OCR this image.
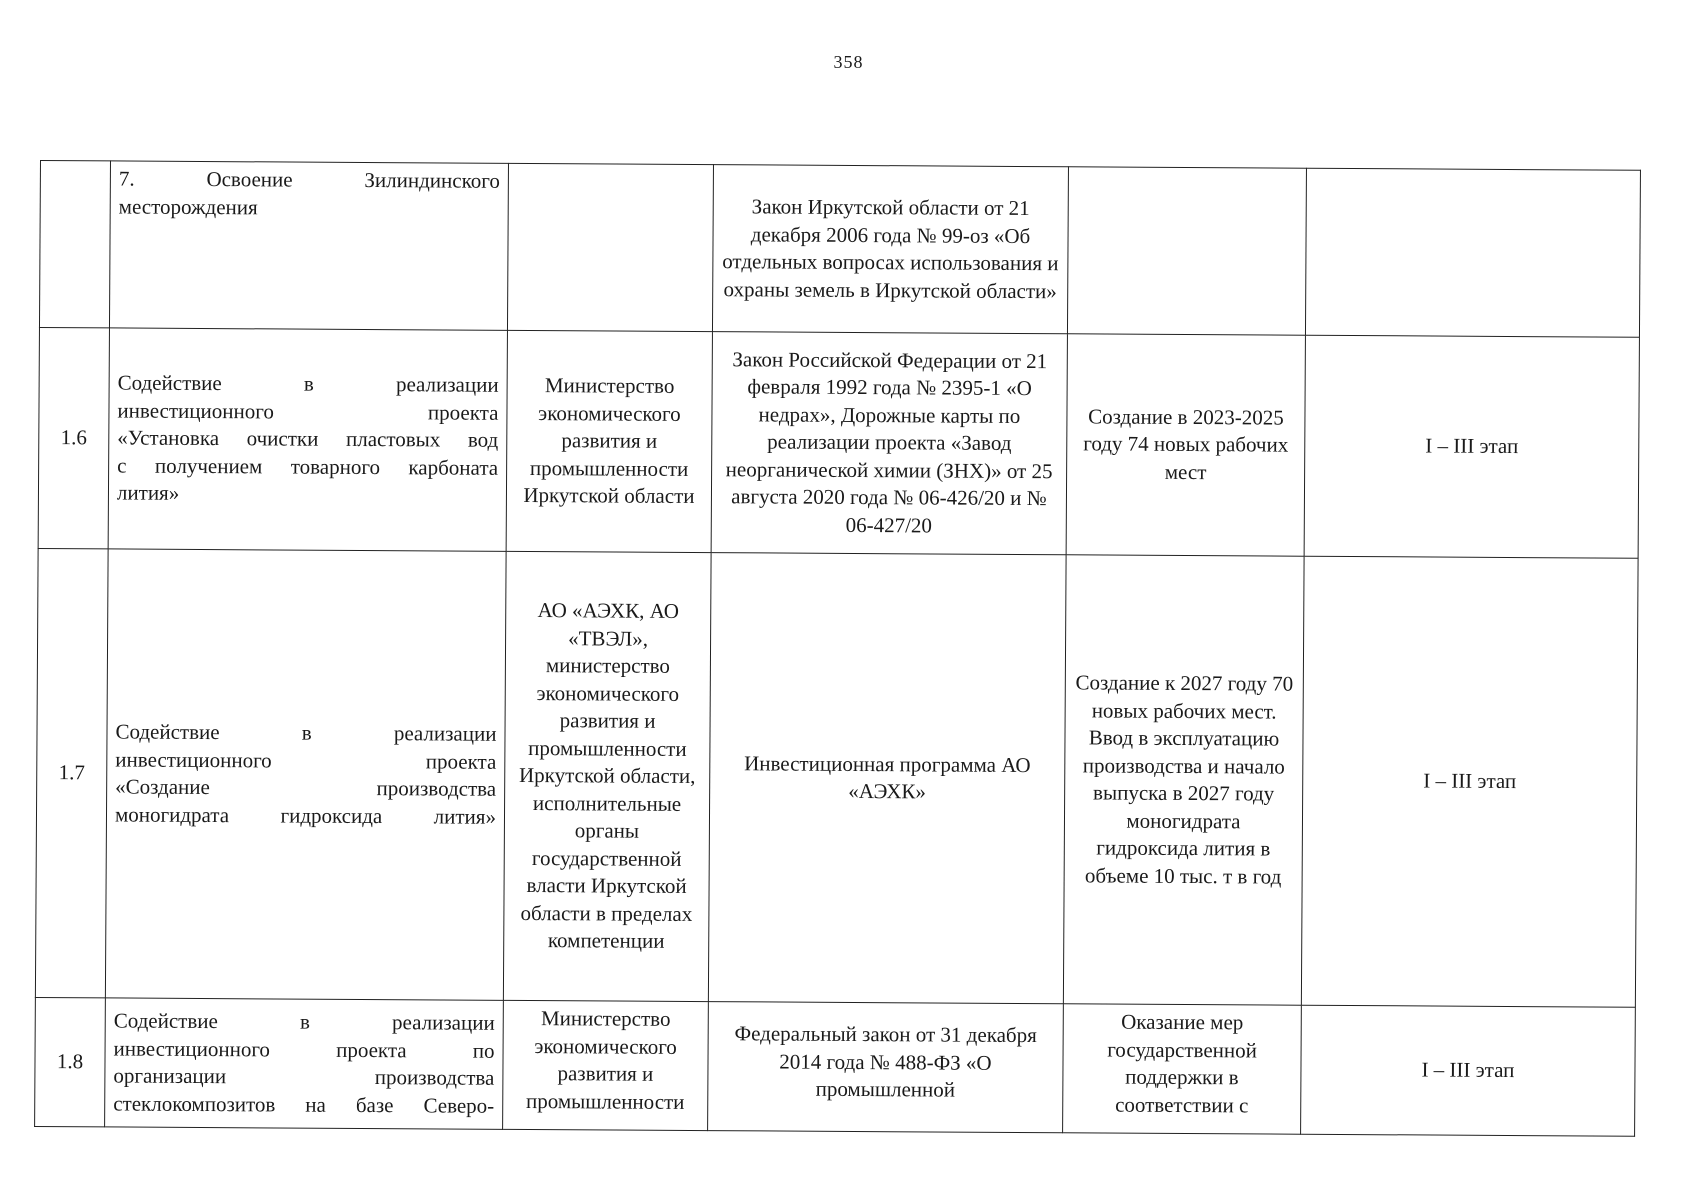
358

	7. Освоение Зилиндинского
месторождения		Закон Иркутской области от 21 декабря 2006 года № 99-оз «Об отдельных вопросах использования и охраны земель в Иркутской области»		
1.6	Содействие в реализации
инвестиционного проекта
«Установка очистки пластовых вод
с получением товарного карбоната
лития»	Министерство экономического развития и промышленности Иркутской области	Закон Российской Федерации от 21 февраля 1992 года № 2395-1 «О недрах», Дорожные карты по реализации проекта «Завод неорганической химии (ЗНХ)» от 25 августа 2020 года № 06-426/20 и № 06-427/20	Создание в 2023-2025 году 74 новых рабочих мест	I – III этап
1.7	Содействие в реализации
инвестиционного проекта
«Создание производства
моногидрата гидроксида лития»	АО «АЭХК, АО «ТВЭЛ», министерство экономического развития и промышленности Иркутской области, исполнительные органы государственной власти Иркутской области в пределах компетенции	Инвестиционная программа АО «АЭХК»	Создание к 2027 году 70 новых рабочих мест. Ввод в эксплуатацию производства и начало выпуска в 2027 году моногидрата гидроксида лития в объеме 10 тыс. т в год	I – III этап
1.8	Содействие в реализации
инвестиционного проекта по
организации производства
стеклокомпозитов на базе Северо-	Министерство экономического развития и промышленности	Федеральный закон от 31 декабря 2014 года № 488-ФЗ «О промышленной	Оказание мер государственной поддержки в соответствии с	I – III этап
